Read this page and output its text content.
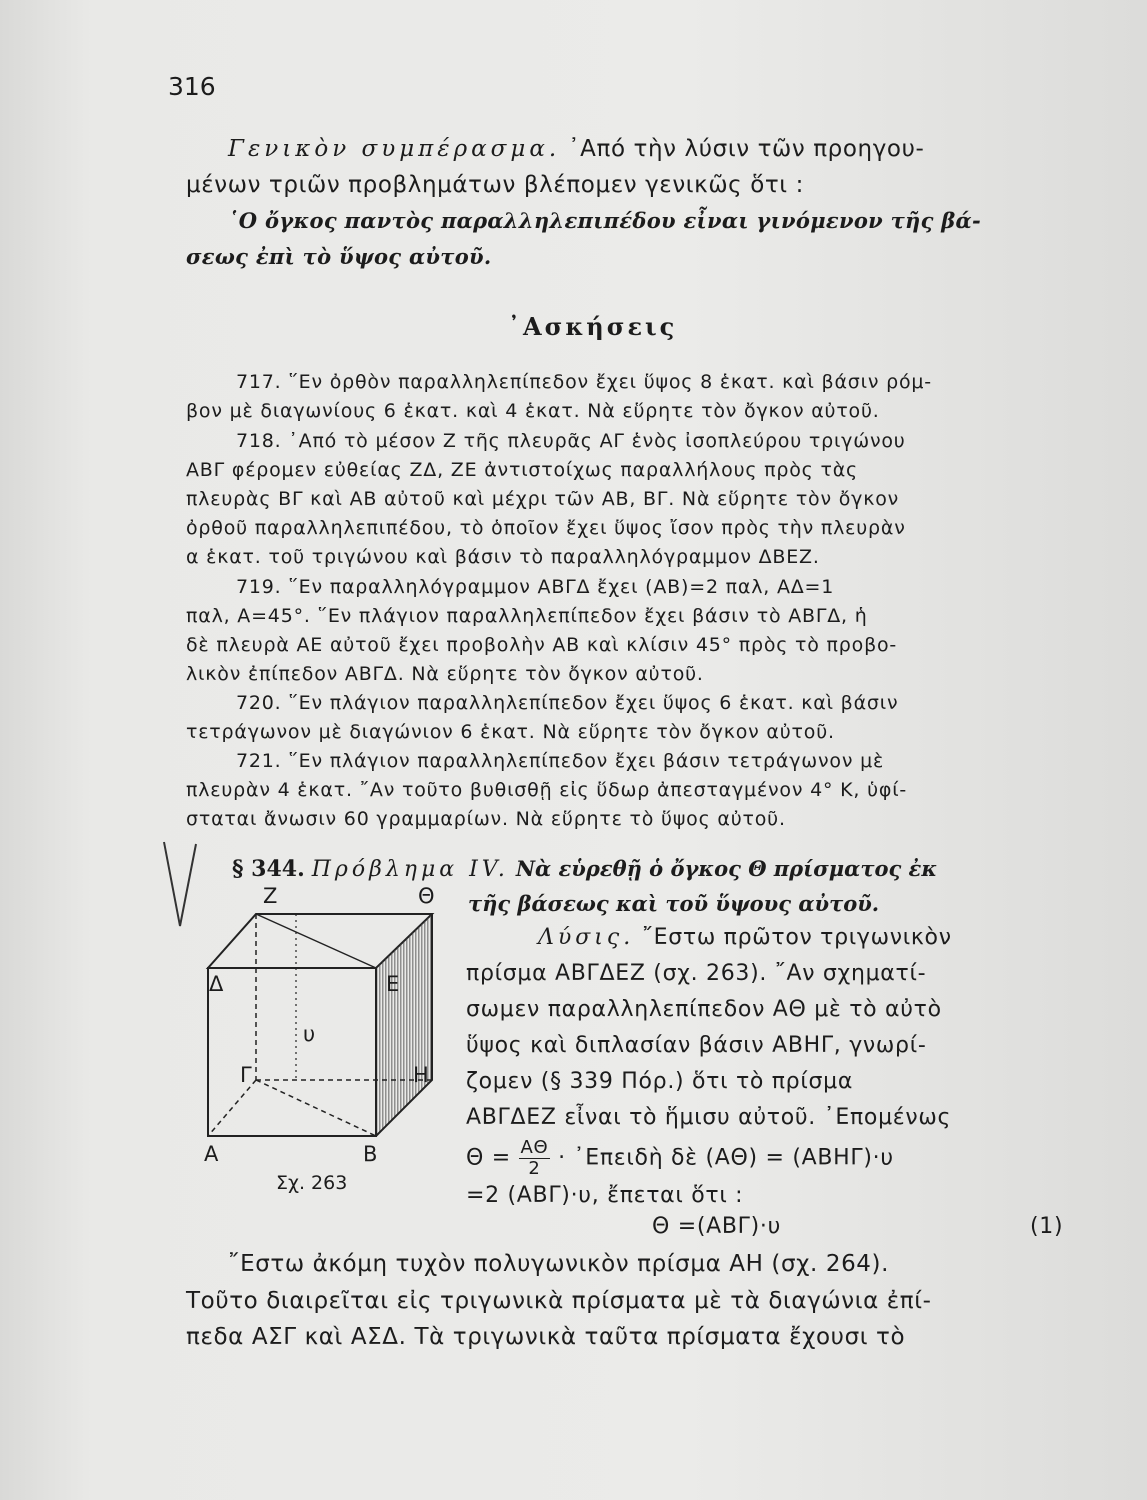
316
Γενικὸν συμπέρασμα. ᾿Από τὴν λύσιν τῶν προηγου-
μένων τριῶν προβλημάτων βλέπομεν γενικῶς ὅτι :
῾Ο ὄγκος παντὸς παραλληλεπιπέδου εἶναι γινόμενον τῆς βά-
σεως ἐπὶ τὸ ὕψος αὐτοῦ.
᾿Ασκήσεις
717. ῞Εν ὀρθὸν παραλληλεπίπεδον ἔχει ὕψος 8 ἑκατ. καὶ βάσιν ρόμ-
βον μὲ διαγωνίους 6 ἑκατ. καὶ 4 ἑκατ. Νὰ εὕρητε τὸν ὄγκον αὐτοῦ.
718. ᾿Από τὸ μέσον Ζ τῆς πλευρᾶς ΑΓ ἑνὸς ἰσοπλεύρου τριγώνου
ΑΒΓ φέρομεν εὐθείας ΖΔ, ΖΕ ἀντιστοίχως παραλλήλους πρὸς τὰς
πλευρὰς ΒΓ καὶ ΑΒ αὐτοῦ καὶ μέχρι τῶν ΑΒ, ΒΓ. Νὰ εὕρητε τὸν ὄγκον
ὀρθοῦ παραλληλεπιπέδου, τὸ ὁποῖον ἔχει ὕψος ἴσον πρὸς τὴν πλευρὰν
α ἑκατ. τοῦ τριγώνου καὶ βάσιν τὸ παραλληλόγραμμον ΔΒΕΖ.
719. ῞Εν παραλληλόγραμμον ΑΒΓΔ ἔχει (ΑΒ)=2 παλ, ΑΔ=1
παλ, Α=45°. ῞Εν πλάγιον παραλληλεπίπεδον ἔχει βάσιν τὸ ΑΒΓΔ, ἡ
δὲ πλευρὰ ΑΕ αὐτοῦ ἔχει προβολὴν ΑΒ καὶ κλίσιν 45° πρὸς τὸ προβο-
λικὸν ἐπίπεδον ΑΒΓΔ. Νὰ εὕρητε τὸν ὄγκον αὐτοῦ.
720. ῞Εν πλάγιον παραλληλεπίπεδον ἔχει ὕψος 6 ἑκατ. καὶ βάσιν
τετράγωνον μὲ διαγώνιον 6 ἑκατ. Νὰ εὕρητε τὸν ὄγκον αὐτοῦ.
721. ῞Εν πλάγιον παραλληλεπίπεδον ἔχει βάσιν τετράγωνον μὲ
πλευρὰν 4 ἑκατ. ῎Αν τοῦτο βυθισθῇ εἰς ὕδωρ ἀπεσταγμένον 4° Κ, ὑφί-
σταται ἄνωσιν 60 γραμμαρίων. Νὰ εὕρητε τὸ ὕψος αὐτοῦ.
§ 344. Πρόβλημα IV. Νὰ εὑρεθῇ ὁ ὄγκος Θ πρίσματος ἐκ
τῆς βάσεως καὶ τοῦ ὕψους αὐτοῦ.
Ζ	Θ
Δ	Ε
υ
Γ	Η
Α	Β
Σχ. 263
Λύσις. ῎Εστω πρῶτον τριγωνικὸν
πρίσμα ΑΒΓΔΕΖ (σχ. 263). ῎Αν σχηματί-
σωμεν παραλληλεπίπεδον ΑΘ μὲ τὸ αὐτὸ
ὕψος καὶ διπλασίαν βάσιν ΑΒΗΓ, γνωρί-
ζομεν (§ 339 Πόρ.) ὅτι τὸ πρίσμα
ΑΒΓΔΕΖ εἶναι τὸ ἥμισυ αὐτοῦ. ᾿Επομένως
$\Theta = \frac{A\Theta}{2}$ · ᾿Επειδὴ δὲ (ΑΘ) = (ΑΒΗΓ)·υ
=2 (ΑΒΓ)·υ, ἔπεται ὅτι :
Θ =(ΑΒΓ)·υ	(1)
῎Εστω ἀκόμη τυχὸν πολυγωνικὸν πρίσμα ΑΗ (σχ. 264).
Τοῦτο διαιρεῖται εἰς τριγωνικὰ πρίσματα μὲ τὰ διαγώνια ἐπί-
πεδα ΑΣΓ καὶ ΑΣΔ. Τὰ τριγωνικὰ ταῦτα πρίσματα ἔχουσι τὸ
